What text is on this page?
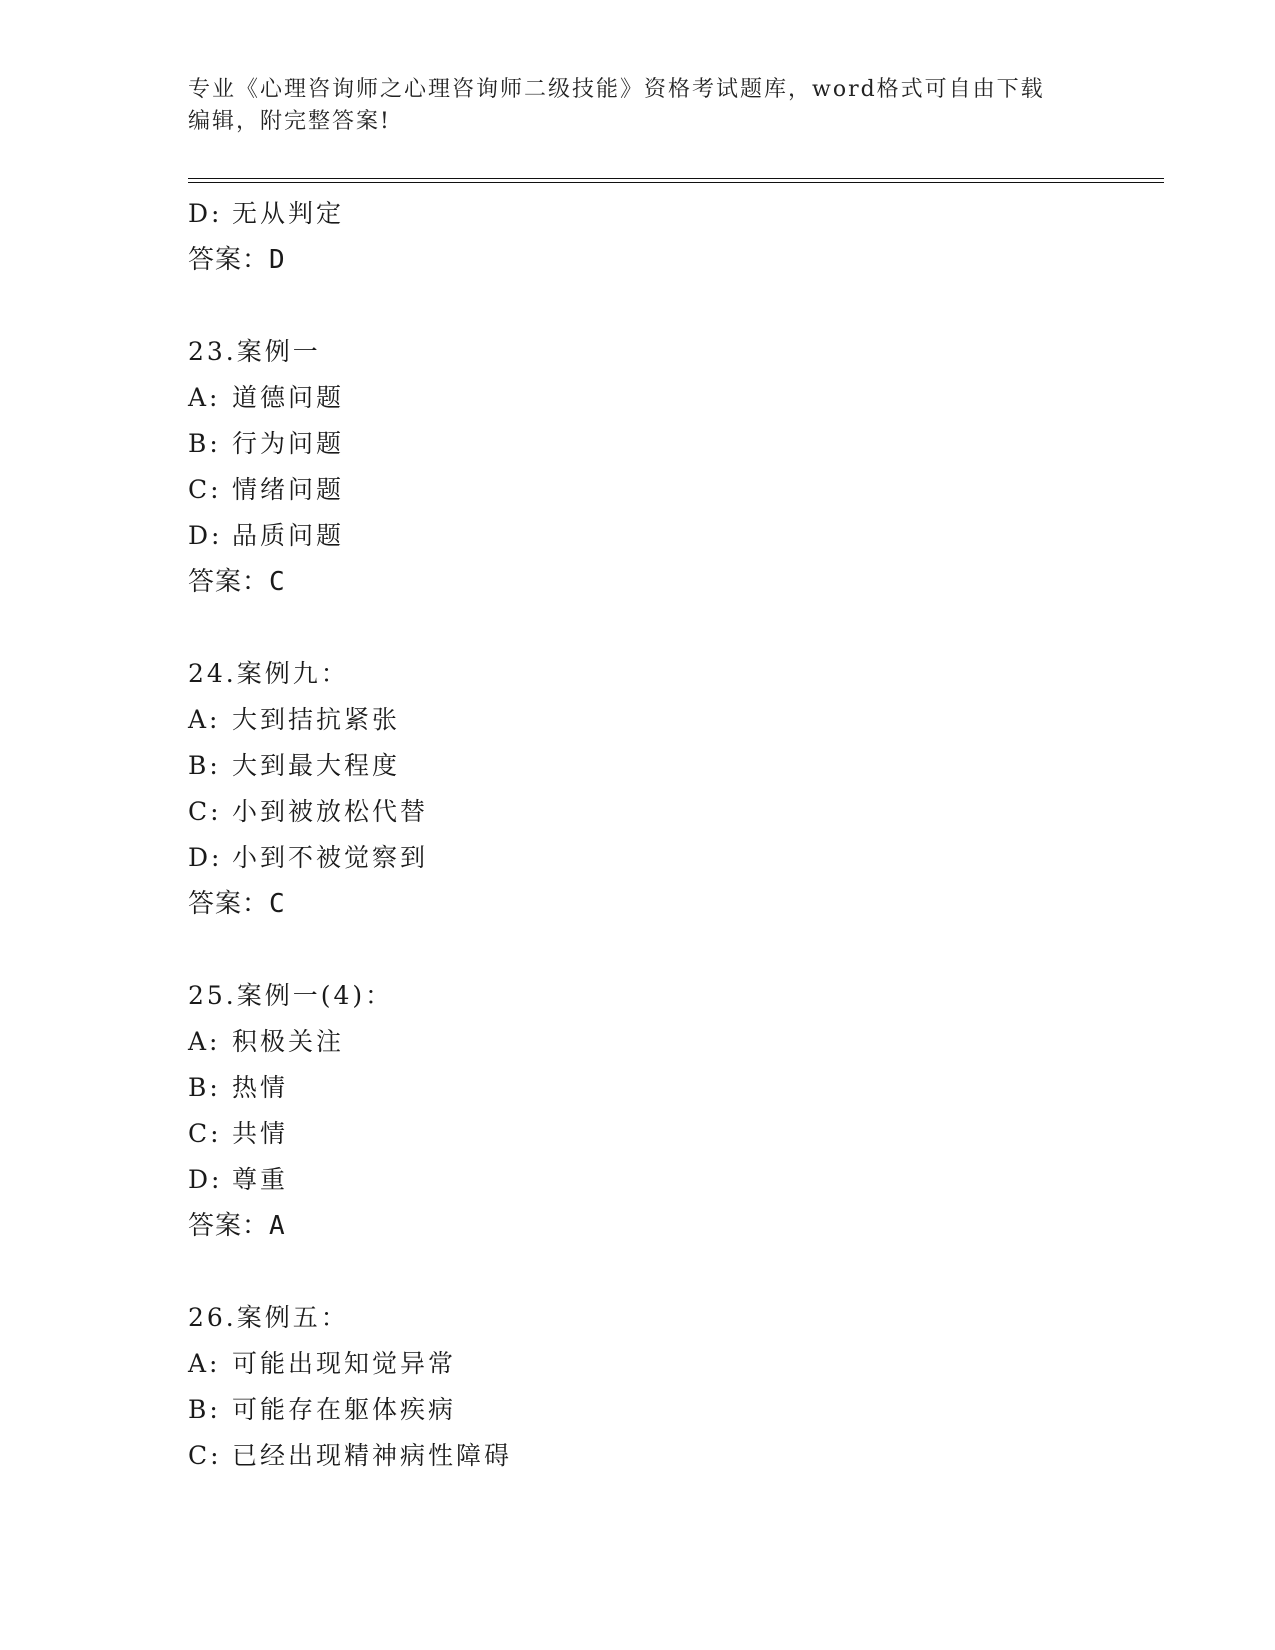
专业《心理咨询师之心理咨询师二级技能》资格考试题库，word格式可自由下载
编辑，附完整答案!
D: 无从判定
答案：D
23.案例一
A: 道德问题
B: 行为问题
C: 情绪问题
D: 品质问题
答案：C
24.案例九：
A: 大到拮抗紧张
B: 大到最大程度
C: 小到被放松代替
D: 小到不被觉察到
答案：C
25.案例一(4)：
A: 积极关注
B: 热情
C: 共情
D: 尊重
答案：A
26.案例五：
A: 可能出现知觉异常
B: 可能存在躯体疾病
C: 已经出现精神病性障碍
